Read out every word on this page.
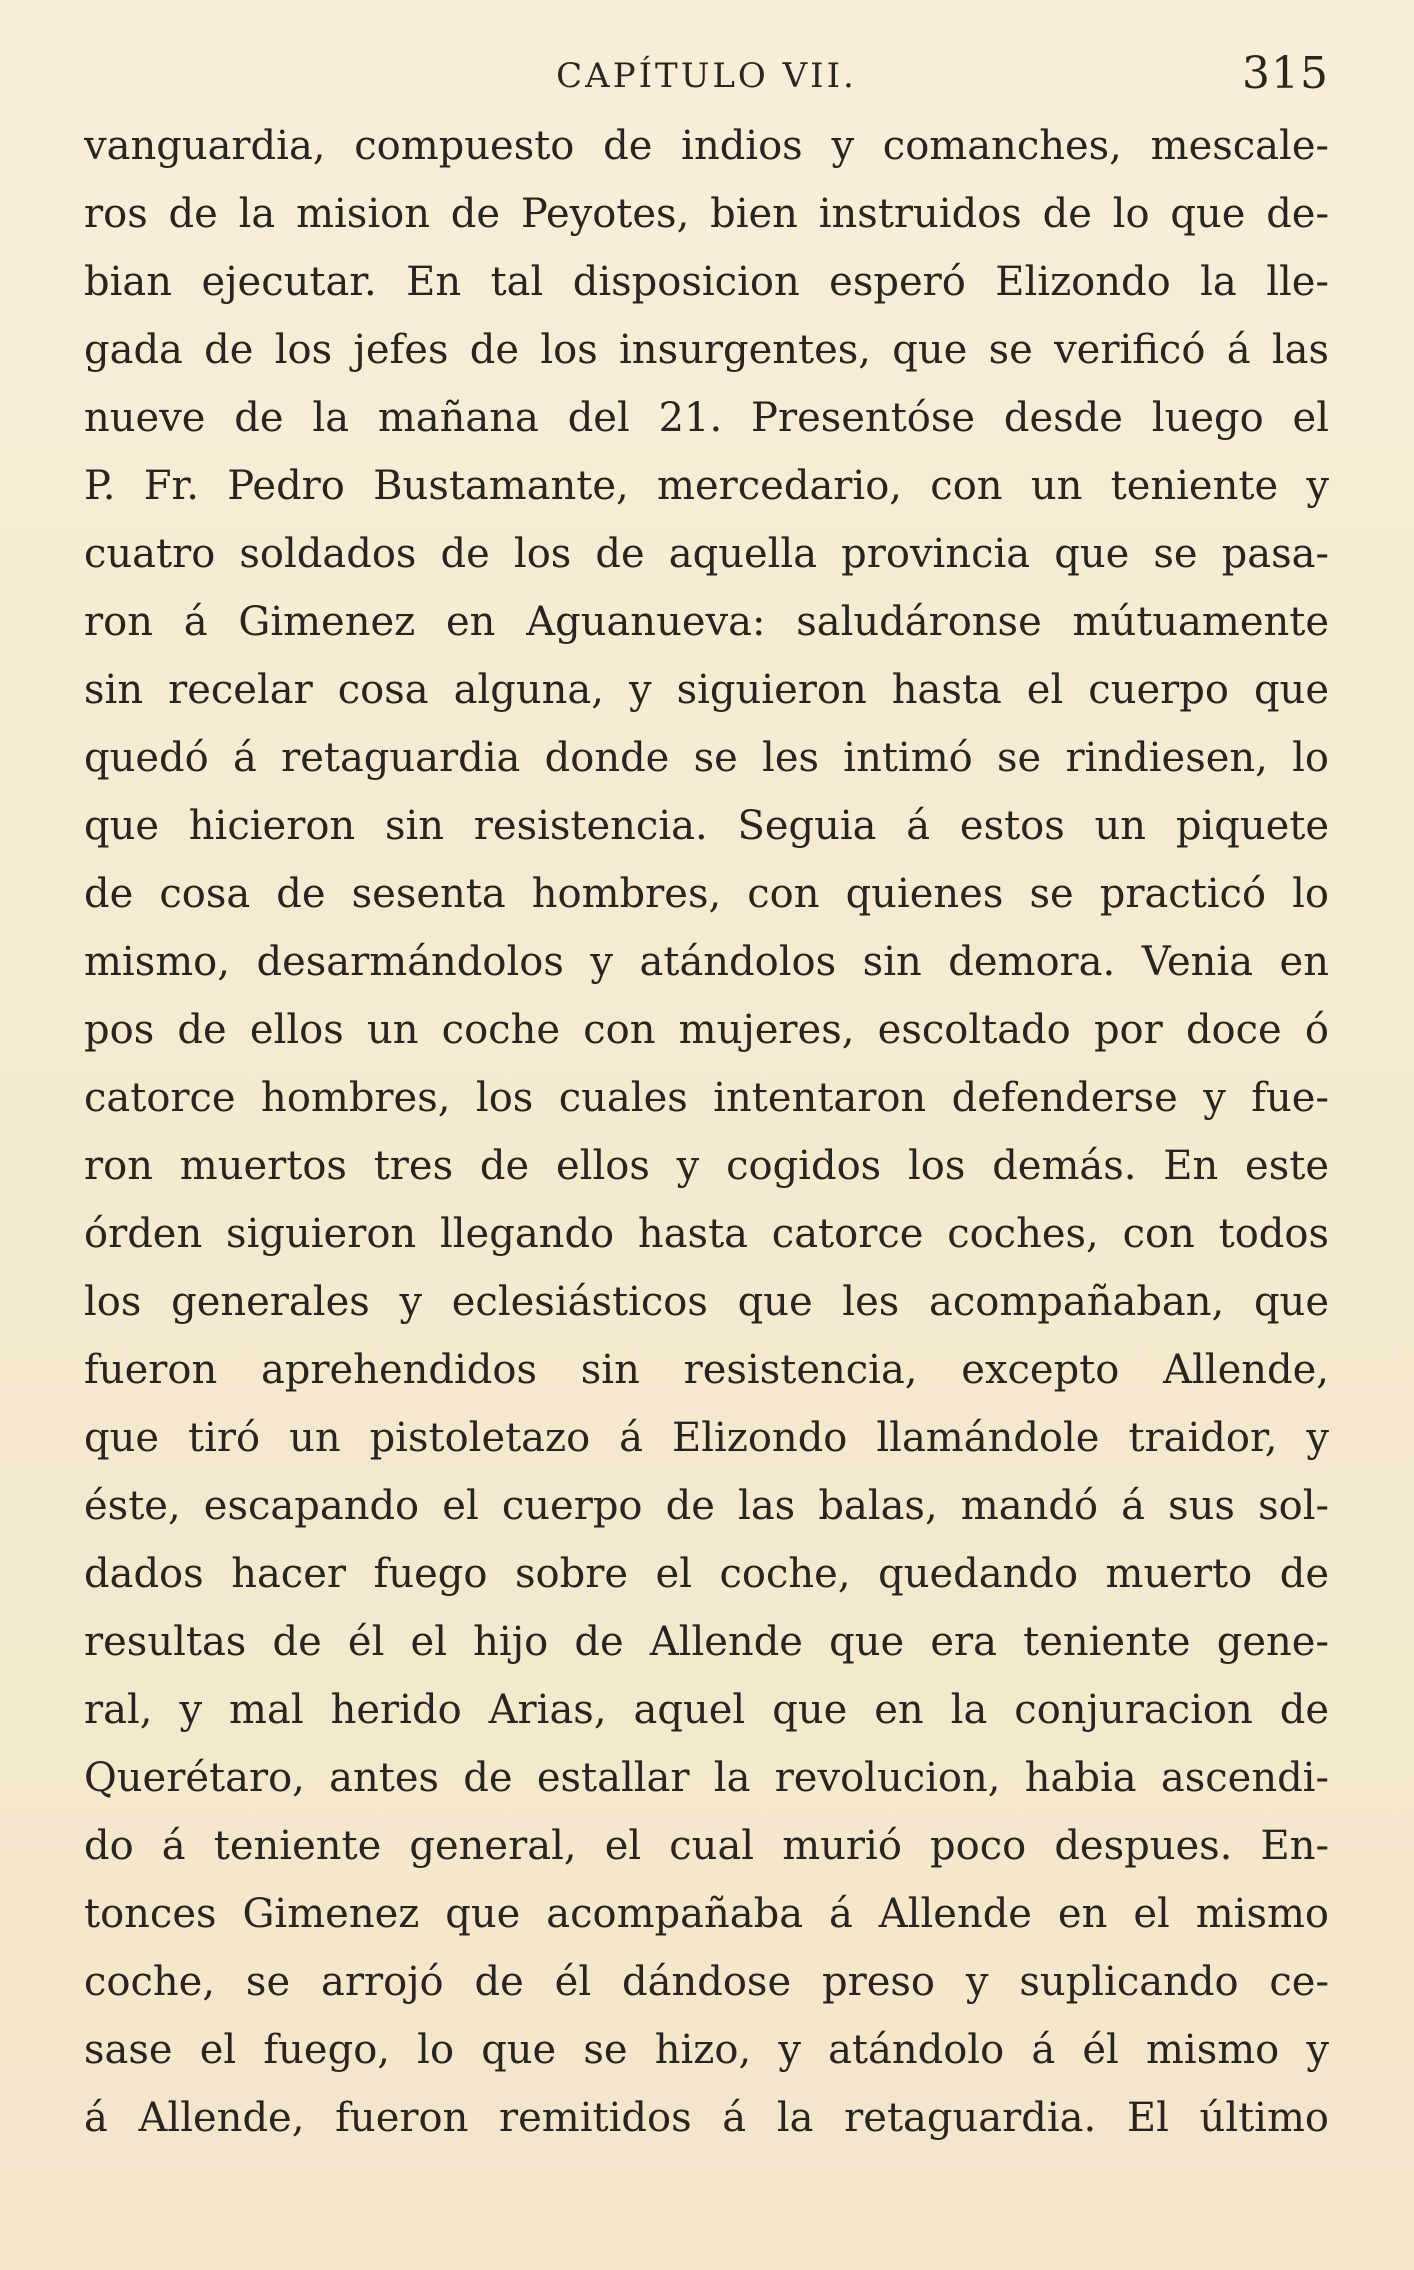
CAPÍTULO VII.	315
vanguardia, compuesto de indios y comanches, mescale-
ros de la mision de Peyotes, bien instruidos de lo que de-
bian ejecutar. En tal disposicion esperó Elizondo la lle-
gada de los jefes de los insurgentes, que se verificó á las
nueve de la mañana del 21. Presentóse desde luego el
P. Fr. Pedro Bustamante, mercedario, con un teniente y
cuatro soldados de los de aquella provincia que se pasa-
ron á Gimenez en Aguanueva: saludáronse mútuamente
sin recelar cosa alguna, y siguieron hasta el cuerpo que
quedó á retaguardia donde se les intimó se rindiesen, lo
que hicieron sin resistencia. Seguia á estos un piquete
de cosa de sesenta hombres, con quienes se practicó lo
mismo, desarmándolos y atándolos sin demora. Venia en
pos de ellos un coche con mujeres, escoltado por doce ó
catorce hombres, los cuales intentaron defenderse y fue-
ron muertos tres de ellos y cogidos los demás. En este
órden siguieron llegando hasta catorce coches, con todos
los generales y eclesiásticos que les acompañaban, que
fueron aprehendidos sin resistencia, excepto Allende,
que tiró un pistoletazo á Elizondo llamándole traidor, y
éste, escapando el cuerpo de las balas, mandó á sus sol-
dados hacer fuego sobre el coche, quedando muerto de
resultas de él el hijo de Allende que era teniente gene-
ral, y mal herido Arias, aquel que en la conjuracion de
Querétaro, antes de estallar la revolucion, habia ascendi-
do á teniente general, el cual murió poco despues. En-
tonces Gimenez que acompañaba á Allende en el mismo
coche, se arrojó de él dándose preso y suplicando ce-
sase el fuego, lo que se hizo, y atándolo á él mismo y
á Allende, fueron remitidos á la retaguardia. El último
